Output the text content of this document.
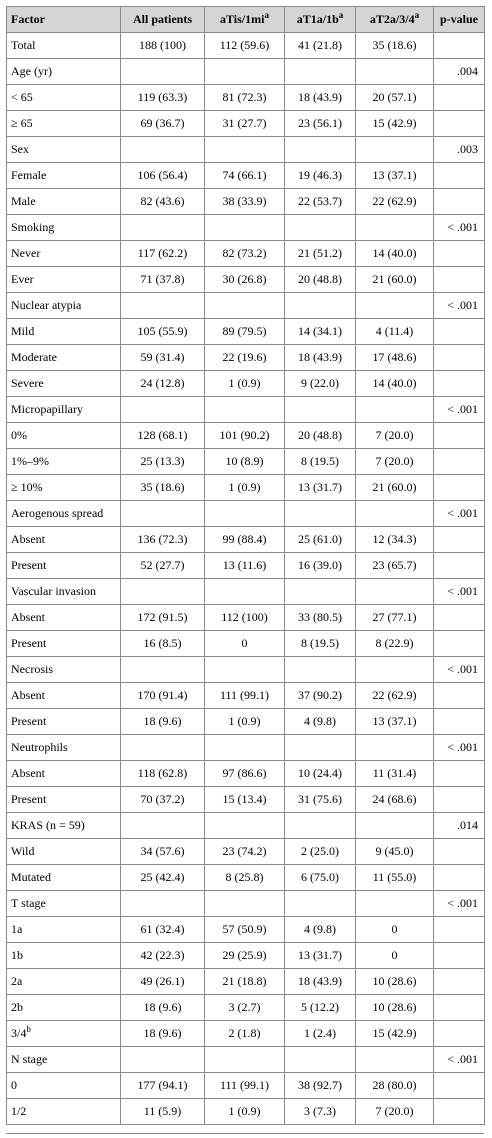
Factor	All patients	aTis/$1mi^a$	$aT1a/1b^a$	aT2a/3/4$^a$	p-value
Total	188 (100)	112 (59.6)	41 (21.8)	35 (18.6)	
Age (yr)					.004
< 65	119 (63.3)	81 (72.3)	18 (43.9)	20 (57.1)	
≥ 65	69 (36.7)	31 (27.7)	23 (56.1)	15 (42.9)	
Sex					.003
Female	106 (56.4)	74 (66.1)	19 (46.3)	13 (37.1)	
Male	82 (43.6)	38 (33.9)	22 (53.7)	22 (62.9)	
Smoking					< .001
Never	117 (62.2)	82 (73.2)	21 (51.2)	14 (40.0)	
Ever	71 (37.8)	30 (26.8)	20 (48.8)	21 (60.0)	
Nuclear atypia					< .001
Mild	105 (55.9)	89 (79.5)	14 (34.1)	4 (11.4)	
Moderate	59 (31.4)	22 (19.6)	18 (43.9)	17 (48.6)	
Severe	24 (12.8)	1 (0.9)	9 (22.0)	14 (40.0)	
Micropapillary					< .001
0%	128 (68.1)	101 (90.2)	20 (48.8)	7 (20.0)	
1%–9%	25 (13.3)	10 (8.9)	8 (19.5)	7 (20.0)	
≥ 10%	35 (18.6)	1 (0.9)	13 (31.7)	21 (60.0)	
Aerogenous spread					< .001
Absent	136 (72.3)	99 (88.4)	25 (61.0)	12 (34.3)	
Present	52 (27.7)	13 (11.6)	16 (39.0)	23 (65.7)	
Vascular invasion					< .001
Absent	172 (91.5)	112 (100)	33 (80.5)	27 (77.1)	
Present	16 (8.5)	0	8 (19.5)	8 (22.9)	
Necrosis					< .001
Absent	170 (91.4)	111 (99.1)	37 (90.2)	22 (62.9)	
Present	18 (9.6)	1 (0.9)	4 (9.8)	13 (37.1)	
Neutrophils					< .001
Absent	118 (62.8)	97 (86.6)	10 (24.4)	11 (31.4)	
Present	70 (37.2)	15 (13.4)	31 (75.6)	24 (68.6)	
KRAS (n = 59)					.014
Wild	34 (57.6)	23 (74.2)	2 (25.0)	9 (45.0)	
Mutated	25 (42.4)	8 (25.8)	6 (75.0)	11 (55.0)	
T stage					< .001
1a	61 (32.4)	57 (50.9)	4 (9.8)	0	
1b	42 (22.3)	29 (25.9)	13 (31.7)	0	
2a	49 (26.1)	21 (18.8)	18 (43.9)	10 (28.6)	
2b	18 (9.6)	3 (2.7)	5 (12.2)	10 (28.6)	
3/4$^b$	18 (9.6)	2 (1.8)	1 (2.4)	15 (42.9)	
N stage					< .001
0	177 (94.1)	111 (99.1)	38 (92.7)	28 (80.0)	
1/2	11 (5.9)	1 (0.9)	3 (7.3)	7 (20.0)	
